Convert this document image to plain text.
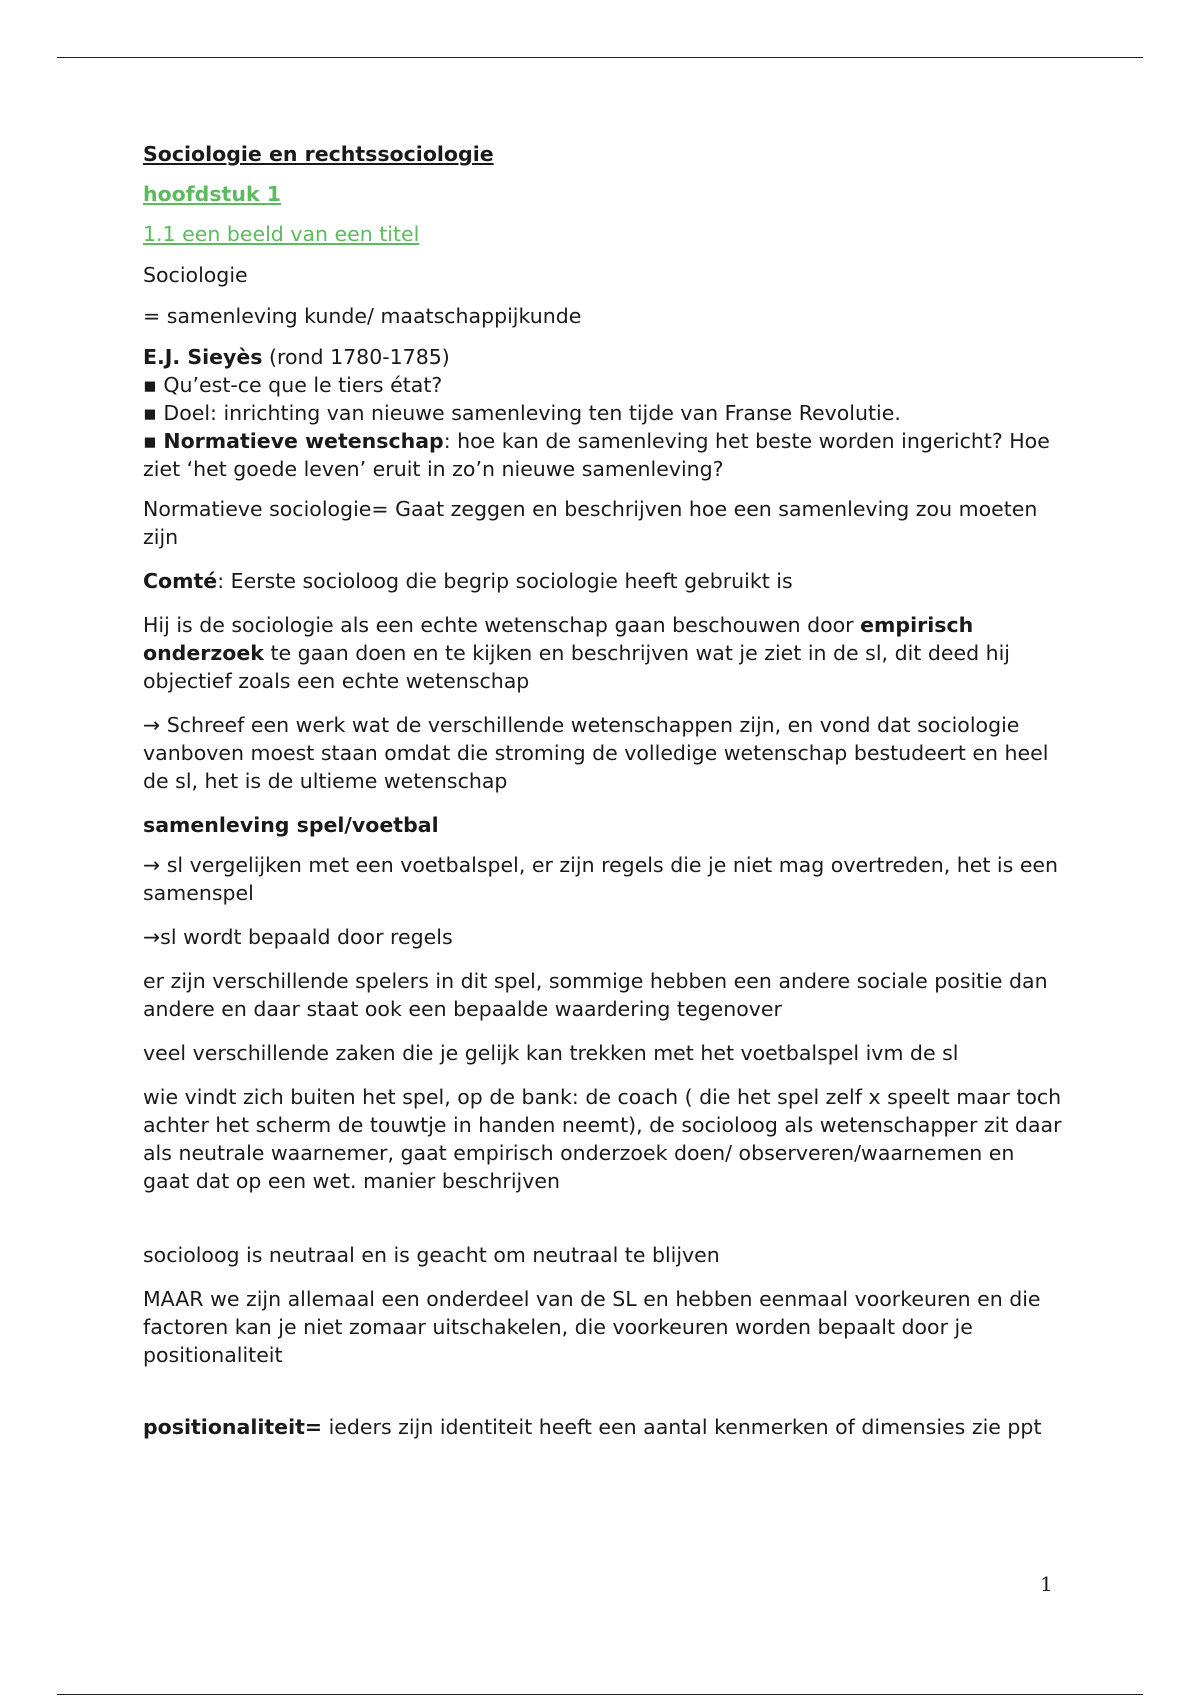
Sociologie en rechtssociologie

hoofdstuk 1

1.1 een beeld van een titel

Sociologie

= samenleving kunde/ maatschappijkunde

E.J. Sieyès (rond 1780-1785)
▪ Qu’est-ce que le tiers état?
▪ Doel: inrichting van nieuwe samenleving ten tijde van Franse Revolutie.
▪ Normatieve wetenschap: hoe kan de samenleving het beste worden ingericht? Hoe
ziet ‘het goede leven’ eruit in zo’n nieuwe samenleving?

Normatieve sociologie= Gaat zeggen en beschrijven hoe een samenleving zou moeten zijn

Comté: Eerste socioloog die begrip sociologie heeft gebruikt is

Hij is de sociologie als een echte wetenschap gaan beschouwen door empirisch onderzoek te gaan doen en te kijken en beschrijven wat je ziet in de sl, dit deed hij objectief zoals een echte wetenschap

→ Schreef een werk wat de verschillende wetenschappen zijn, en vond dat sociologie vanboven moest staan omdat die stroming de volledige wetenschap bestudeert en heel de sl, het is de ultieme wetenschap

samenleving spel/voetbal

→ sl vergelijken met een voetbalspel, er zijn regels die je niet mag overtreden, het is een samenspel

→sl wordt bepaald door regels

er zijn verschillende spelers in dit spel, sommige hebben een andere sociale positie dan andere en daar staat ook een bepaalde waardering tegenover

veel verschillende zaken die je gelijk kan trekken met het voetbalspel ivm de sl

wie vindt zich buiten het spel, op de bank: de coach ( die het spel zelf x speelt maar toch achter het scherm de touwtje in handen neemt), de socioloog als wetenschapper zit daar als neutrale waarnemer, gaat empirisch onderzoek doen/ observeren/waarnemen en gaat dat op een wet. manier beschrijven

socioloog is neutraal en is geacht om neutraal te blijven

MAAR we zijn allemaal een onderdeel van de SL en hebben eenmaal voorkeuren en die factoren kan je niet zomaar uitschakelen, die voorkeuren worden bepaalt door je positionaliteit

positionaliteit= ieders zijn identiteit heeft een aantal kenmerken of dimensies zie ppt

1
